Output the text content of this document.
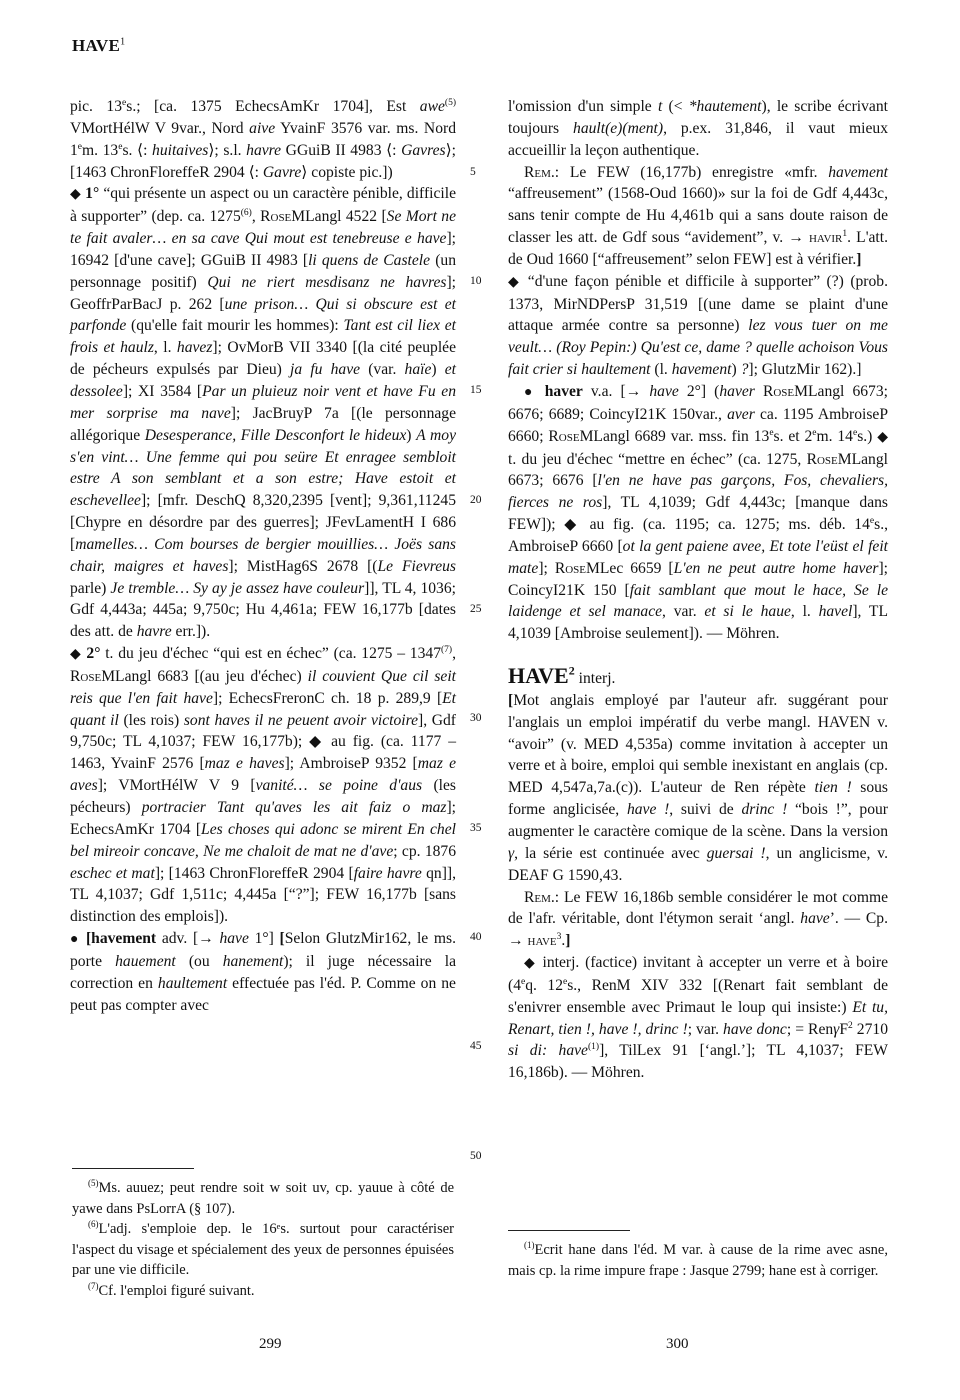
HAVE$^1$

pic. 13es.; [ca. 1375 EchecsAmKr 1704], Est awe$^{(5)}$ VMortHélW V 9var., Nord aive YvainF 3576 var. ms. Nord 1em. 13es. ⟨: huitaives⟩; s.l. havre GGuiB II 4983 ⟨: Gavres⟩; [1463 ChronFloreffeR 2904 ⟨: Gavre⟩ copiste pic.])

◆ 1° “qui présente un aspect ou un caractère pénible, difficile à supporter” (dep. ca. 1275$^{(6)}$, RoseMLangl 4522 [Se Mort ne te fait avaler… en sa cave Qui mout est tenebreuse e have]; 16942 [d'une cave]; GGuiB II 4983 [li quens de Castele (un personnage positif) Qui ne riert mesdisanz ne havres]; GeoffrParBacJ p. 262 [une prison… Qui si obscure est et parfonde (qu'elle fait mourir les hommes): Tant est cil liex et frois et haulz, l. havez]; OvMorB VII 3340 [(la cité peuplée de pécheurs expulsés par Dieu) ja fu have (var. haïe) et dessolee]; XI 3584 [Par un pluieuz noir vent et have Fu en mer sorprise ma nave]; JacBruyP 7a [(le personnage allégorique Desesperance, Fille Desconfort le hideux) A moy s'en vint… Une femme qui pou seüre Et enragee sembloit estre A son semblant et a son estre; Have estoit et eschevellee]; [mfr. DeschQ 8,320,2395 [vent]; 9,361,11245 [Chypre en désordre par des guerres]; JFevLamentH I 686 [mamelles… Com bourses de bergier mouillies… Joës sans chair, maigres et haves]; MistHag6S 2678 [(Le Fievreus parle) Je tremble… Sy ay je assez have couleur]], TL 4, 1036; Gdf 4,443a; 445a; 9,750c; Hu 4,461a; FEW 16,177b [dates des att. de havre err.]).

◆ 2° t. du jeu d'échec “qui est en échec” (ca. 1275 – 1347$^{(7)}$, RoseMLangl 6683 [(au jeu d'échec) il couvient Que cil seit reis que l'en fait have]; EchecsFreronC ch. 18 p. 289,9 [Et quant il (les rois) sont haves il ne peuent avoir victoire], Gdf 9,750c; TL 4,1037; FEW 16,177b); ◆ au fig. (ca. 1177 – 1463, YvainF 2576 [maz e haves]; AmbroiseP 9352 [maz e aves]; VMortHélW V 9 [vanité… se poine d'aus (les pécheurs) portracier Tant qu'aves les ait faiz o maz]; EchecsAmKr 1704 [Les choses qui adonc se mirent En chel bel mireoir concave, Ne me chaloit de mat ne d'ave; cp. 1876 eschec et mat]; [1463 ChronFloreffeR 2904 [faire havre qn]], TL 4,1037; Gdf 1,511c; 4,445a [“?”]; FEW 16,177b [sans distinction des emplois]).

● [havement adv. [→ have 1°] [Selon GlutzMir162, le ms. porte hauement (ou hanement); il juge nécessaire la correction en haultement effectuée pas l'éd. P. Comme on ne peut pas compter avec

5
10
15
20
25
30
35
40
45
50

l'omission d'un simple t (< *hautement), le scribe écrivant toujours hault(e)(ment), p.ex. 31,846, il vaut mieux accueillir la leçon authentique.

Rem.: Le FEW (16,177b) enregistre «mfr. havement “affreusement” (1568-Oud 1660)» sur la foi de Gdf 4,443c, sans tenir compte de Hu 4,461b qui a sans doute raison de classer les att. de Gdf sous “avidement”, v. → havir$^1$. L'att. de Oud 1660 [“affreusement” selon FEW] est à vérifier.]

◆ “d'une façon pénible et difficile à supporter” (?) (prob. 1373, MirNDPersP 31,519 [(une dame se plaint d'une attaque armée contre sa personne) lez vous tuer on me veult… (Roy Pepin:) Qu'est ce, dame ? quelle achoison Vous fait crier si haultement (l. havement) ?]; GlutzMir 162).]

● haver v.a. [→ have 2°] (haver RoseMLangl 6673; 6676; 6689; CoincyI21K 150var., aver ca. 1195 AmbroiseP 6660; RoseMLangl 6689 var. mss. fin 13es. et 2em. 14es.) ◆ t. du jeu d'échec “mettre en échec” (ca. 1275, RoseMLangl 6673; 6676 [l'en ne have pas garçons, Fos, chevaliers, fierces ne ros], TL 4,1039; Gdf 4,443c; [manque dans FEW]); ◆ au fig. (ca. 1195; ca. 1275; ms. déb. 14es., AmbroiseP 6660 [ot la gent paiene avee, Et tote l'eüst el feit mate]; RoseMLec 6659 [L'en ne peut autre home haver]; CoincyI21K 150 [fait samblant que mout le hace, Se le laidenge et sel manace, var. et si le haue, l. havel], TL 4,1039 [Ambroise seulement]). — Möhren.

HAVE$^2$ interj.

[Mot anglais employé par l'auteur afr. suggérant pour l'anglais un emploi impératif du verbe mangl. HAVEN v. “avoir” (v. MED 4,535a) comme invitation à accepter un verre et à boire, emploi qui semble inexistant en anglais (cp. MED 4,547a,7a.(c)). L'auteur de Ren répète tien ! sous forme anglicisée, have !, suivi de drinc ! “bois !”, pour augmenter le caractère comique de la scène. Dans la version γ, la série est continuée avec guersai !, un anglicisme, v. DEAF G 1590,43.

Rem.: Le FEW 16,186b semble considérer le mot comme de l'afr. véritable, dont l'étymon serait ‘angl. have’. — Cp. → have$^3$.]

◆ interj. (factice) invitant à accepter un verre et à boire (4eq. 12es., RenM XIV 332 [(Renart fait semblant de s'enivrer ensemble avec Primaut le loup qui insiste:) Et tu, Renart, tien !, have !, drinc !; var. have donc; = RenγF$^2$ 2710 si di: have$^{(1)}$], TilLex 91 [‘angl.’]; TL 4,1037; FEW 16,186b). — Möhren.

$^{(5)}$Ms. auuez; peut rendre soit w soit uv, cp. yauue à côté de yawe dans PsLorrA (§ 107).

$^{(6)}$L'adj. s'emploie dep. le 16ᵉs. surtout pour caractériser l'aspect du visage et spécialement des yeux de personnes épuisées par une vie difficile.

$^{(7)}$Cf. l'emploi figuré suivant.

$^{(1)}$Ecrit hane dans l'éd. M var. à cause de la rime avec asne, mais cp. la rime impure frape : Jasque 2799; hane est à corriger.

299	300
